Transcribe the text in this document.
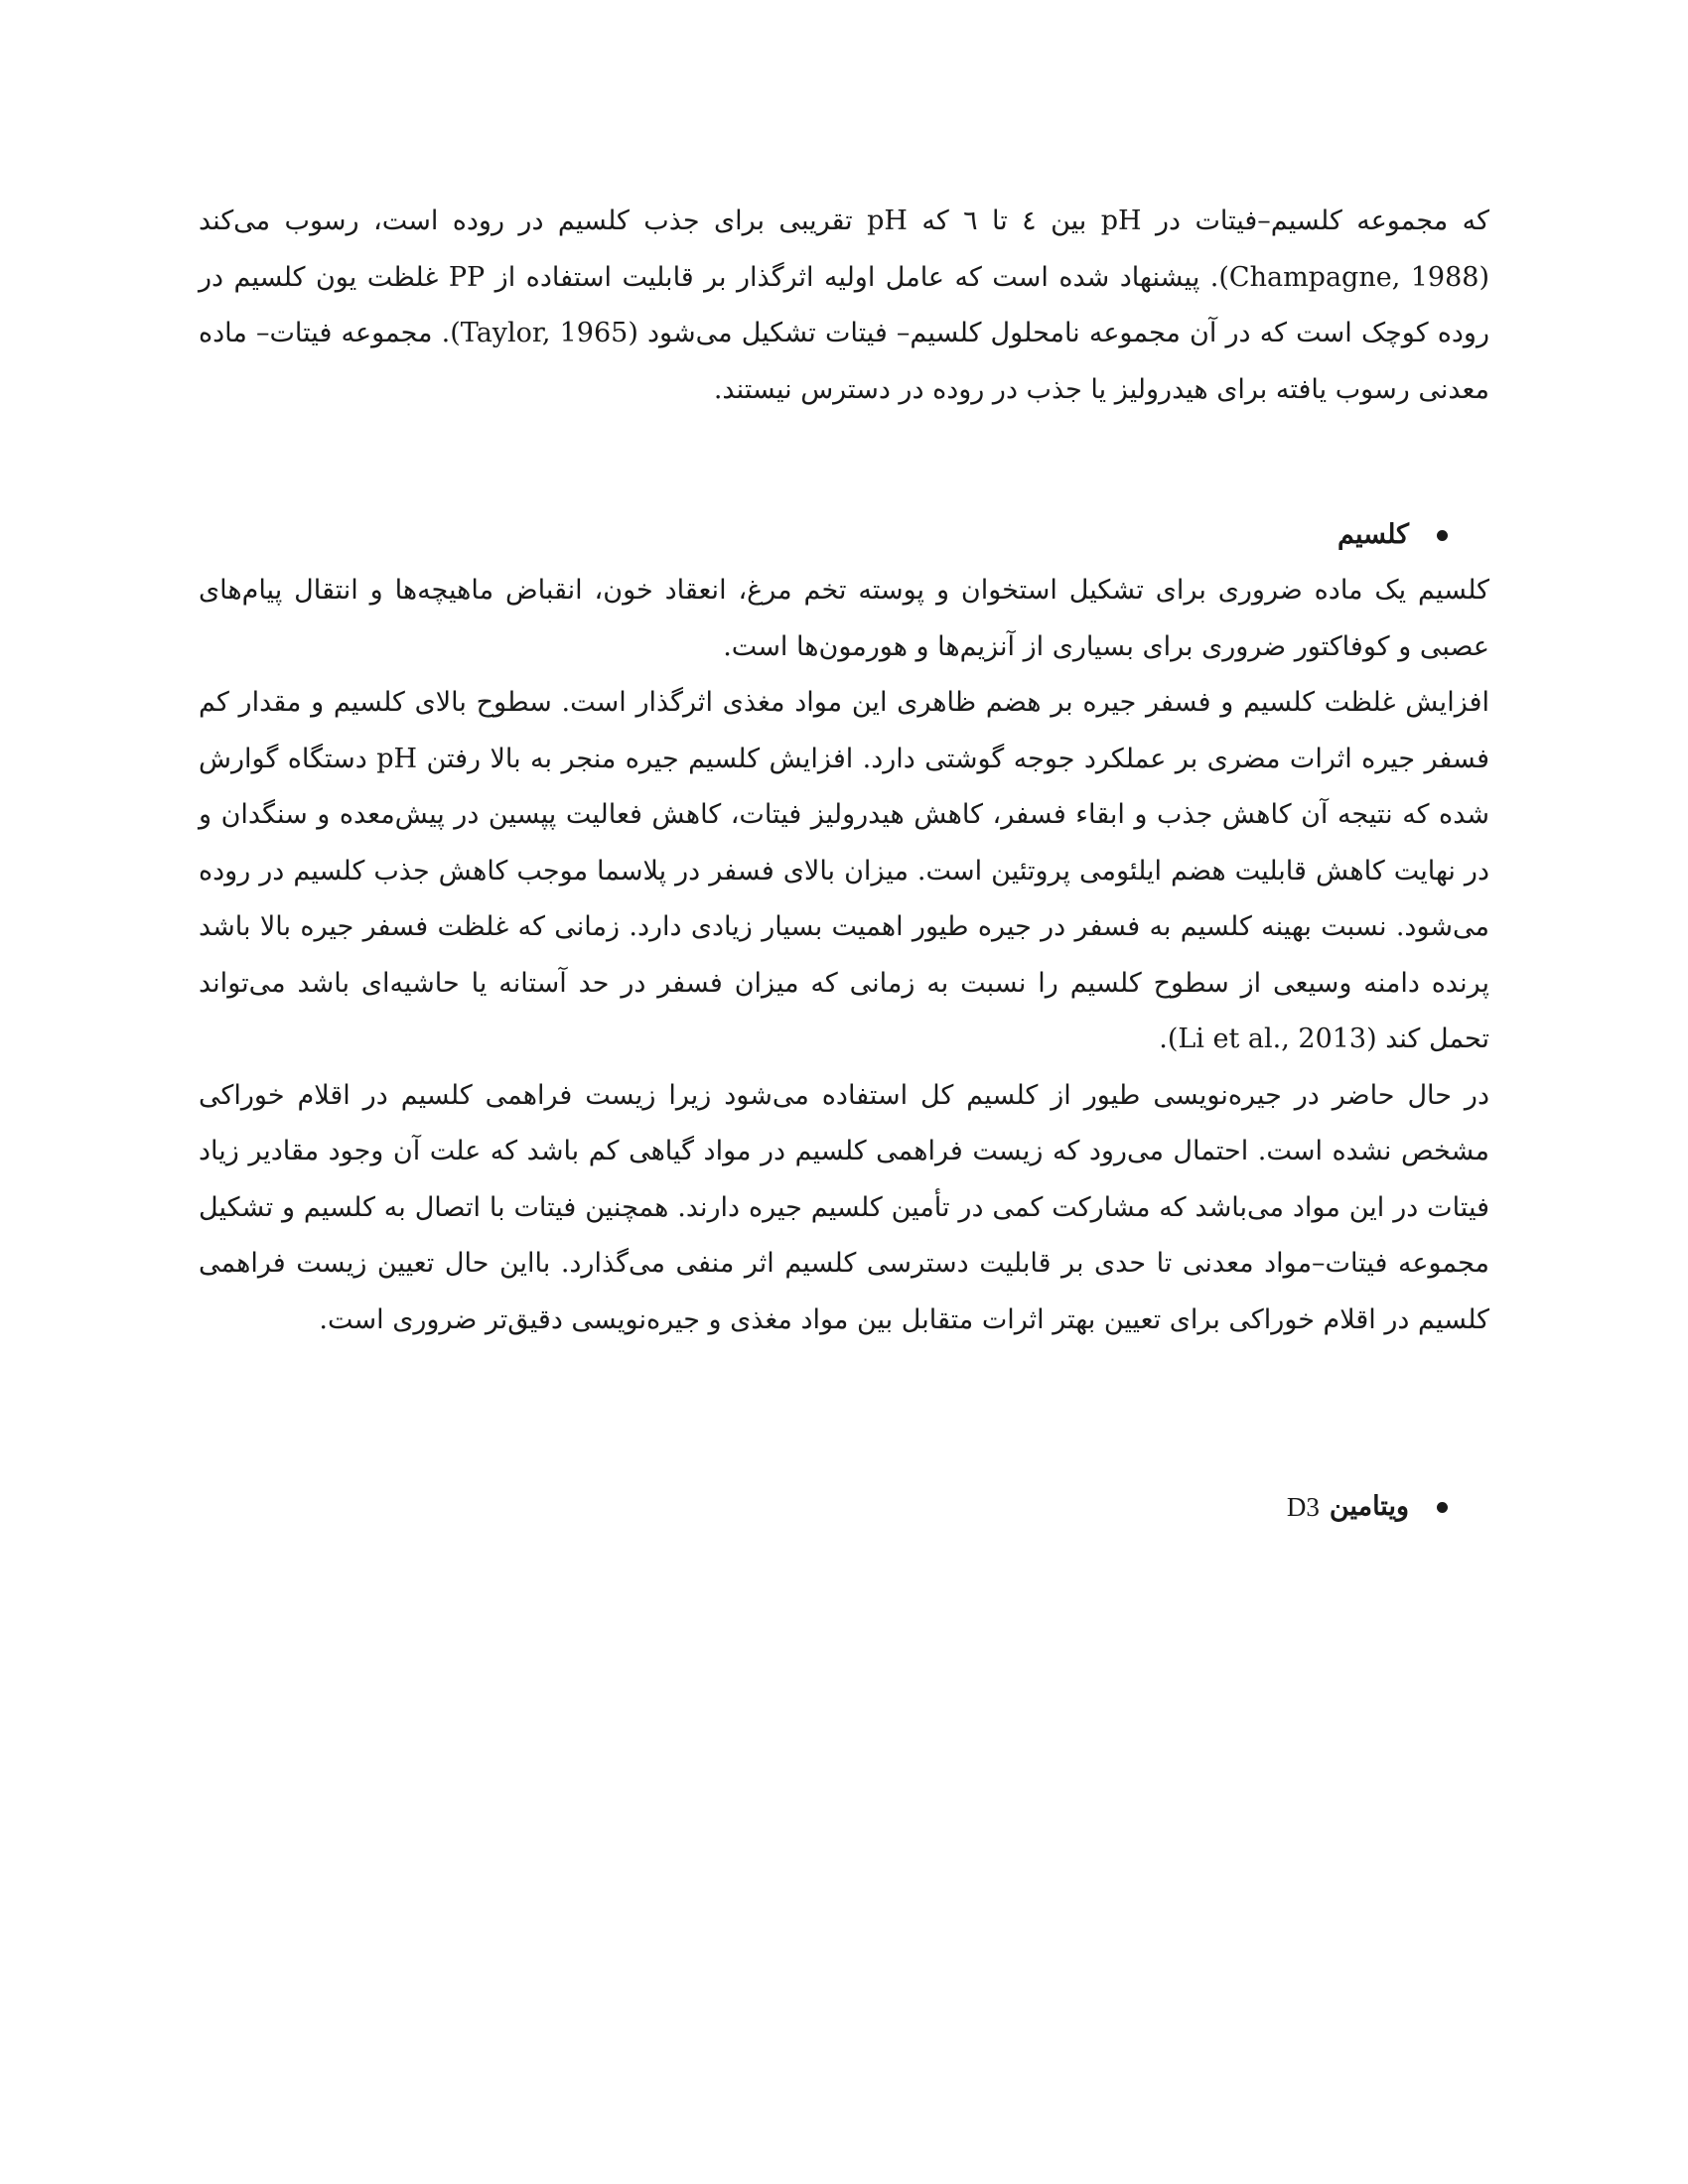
که مجموعه کلسیم–فیتات در pH بین ٤ تا ٦ که pH تقریبی برای جذب کلسیم در روده است، رسوب می‌کند (Champagne, 1988). پیشنهاد شده است که عامل اولیه اثرگذار بر قابلیت استفاده از PP غلظت یون کلسیم در روده کوچک است که در آن مجموعه نامحلول کلسیم– فیتات تشکیل می‌شود (Taylor, 1965). مجموعه فیتات– ماده معدنی رسوب یافته برای هیدرولیز یا جذب در روده در دسترس نیستند.

کلسیم

کلسیم یک ماده ضروری برای تشکیل استخوان و پوسته تخم مرغ، انعقاد خون، انقباض ماهیچه‌ها و انتقال پیام‌های عصبی و کوفاکتور ضروری برای بسیاری از آنزیم‌ها و هورمون‌ها است.

افزایش غلظت کلسیم و فسفر جیره بر هضم ظاهری این مواد مغذی اثرگذار است. سطوح بالای کلسیم و مقدار کم فسفر جیره اثرات مضری بر عملکرد جوجه گوشتی دارد. افزایش کلسیم جیره منجر به بالا رفتن pH دستگاه گوارش شده که نتیجه آن کاهش جذب و ابقاء فسفر، کاهش هیدرولیز فیتات، کاهش فعالیت پپسین در پیش‌معده و سنگدان و در نهایت کاهش قابلیت هضم ایلئومی پروتئین است. میزان بالای فسفر در پلاسما موجب کاهش جذب کلسیم در روده می‌شود. نسبت بهینه کلسیم به فسفر در جیره طیور اهمیت بسیار زیادی دارد. زمانی که غلظت فسفر جیره بالا باشد پرنده دامنه وسیعی از سطوح کلسیم را نسبت به زمانی که میزان فسفر در حد آستانه یا حاشیه‌ای باشد می‌تواند تحمل کند (Li et al., 2013).

در حال حاضر در جیره‌نویسی طیور از کلسیم کل استفاده می‌شود زیرا زیست فراهمی کلسیم در اقلام خوراکی مشخص نشده است. احتمال می‌رود که زیست فراهمی کلسیم در مواد گیاهی کم باشد که علت آن وجود مقادیر زیاد فیتات در این مواد می‌باشد که مشارکت کمی در تأمین کلسیم جیره دارند. همچنین فیتات با اتصال به کلسیم و تشکیل مجموعه فیتات–مواد معدنی تا حدی بر قابلیت دسترسی کلسیم اثر منفی می‌گذارد. بااین حال تعیین زیست فراهمی کلسیم در اقلام خوراکی برای تعیین بهتر اثرات متقابل بین مواد مغذی و جیره‌نویسی دقیق‌تر ضروری است.

ویتامین
D3
